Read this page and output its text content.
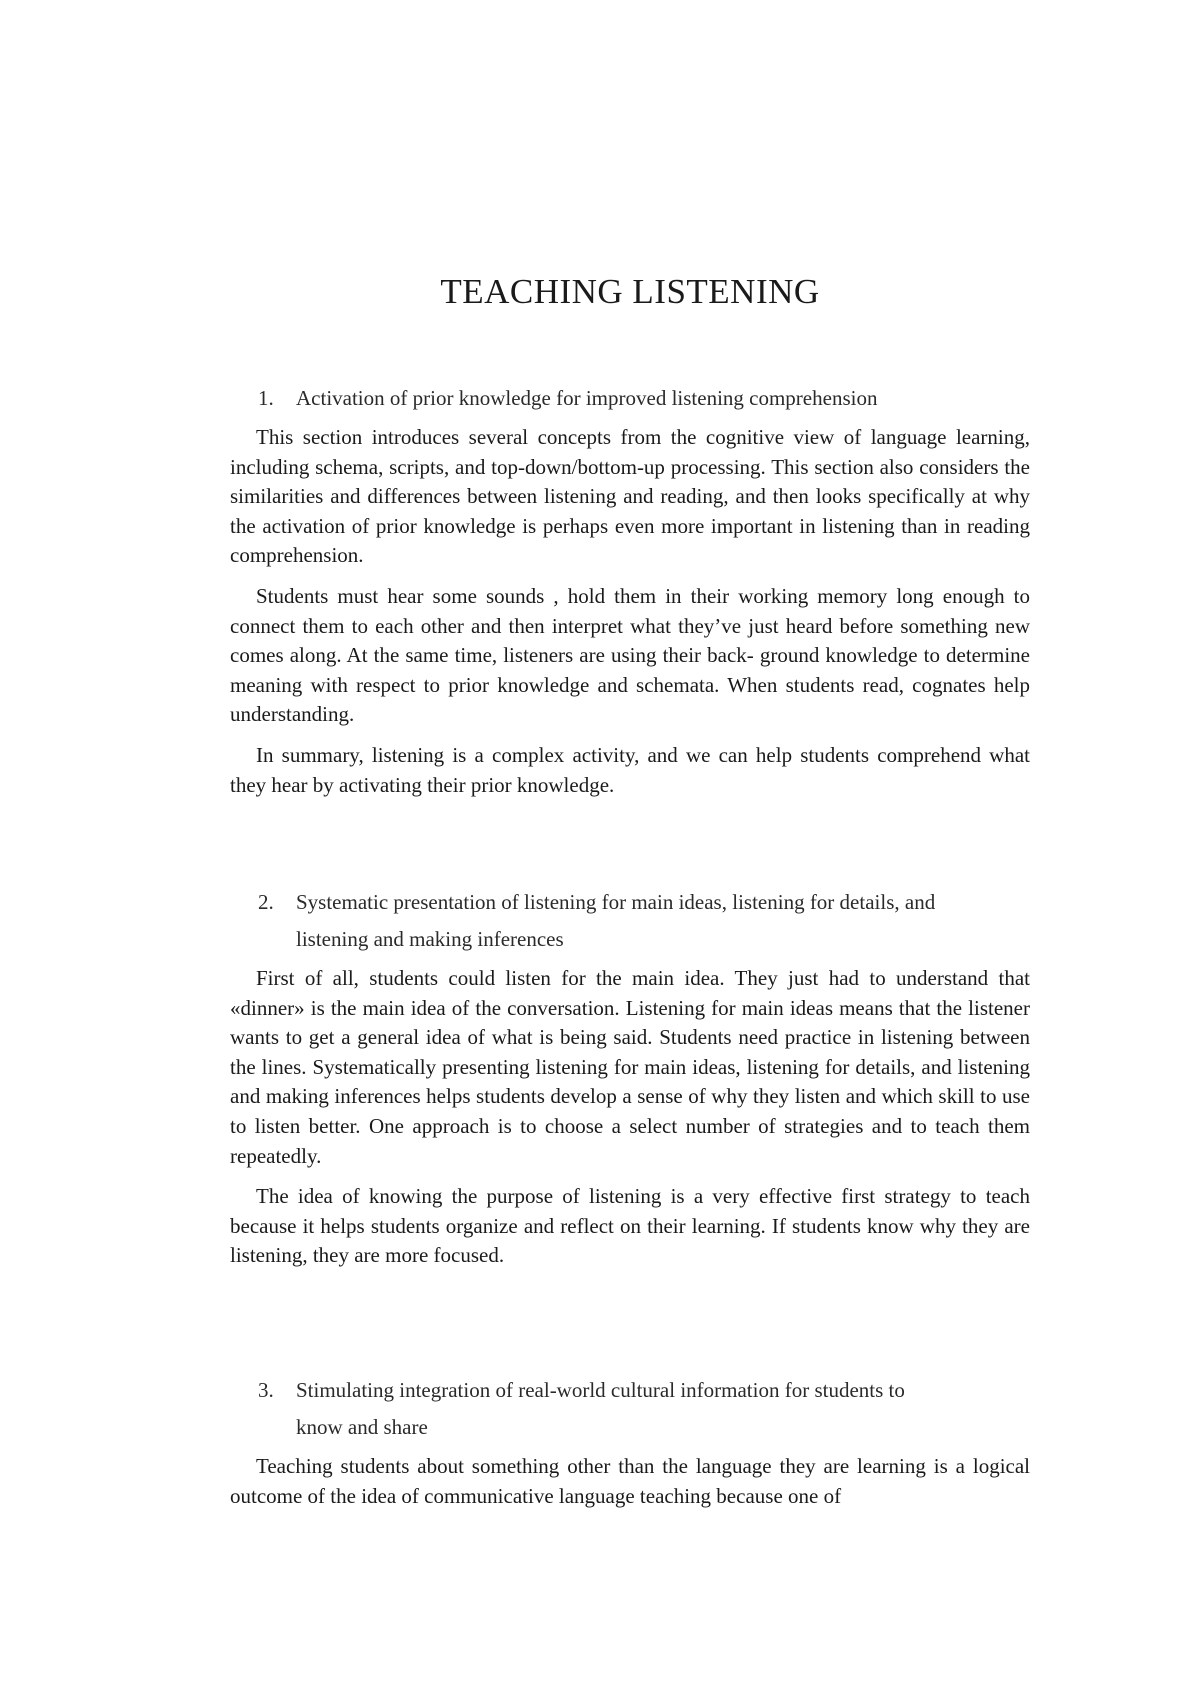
TEACHING LISTENING
1.	Activation of prior knowledge for improved listening comprehension

This section introduces several concepts from the cognitive view of language learning, including schema, scripts, and top-down/bottom-up processing. This section also considers the similarities and differences between listening and reading, and then looks specifically at why the activation of prior knowledge is perhaps even more important in listening than in reading comprehension.

Students must hear some sounds , hold them in their working memory long enough to connect them to each other and then interpret what they’ve just heard before something new comes along. At the same time, listeners are using their back- ground knowledge to determine meaning with respect to prior knowledge and schemata. When students read, cognates help understanding.

In summary, listening is a complex activity, and we can help students comprehend what they hear by activating their prior knowledge.

2.	Systematic presentation of listening for main ideas, listening for details, and listening and making inferences

First of all, students could listen for the main idea. They just had to understand that «dinner» is the main idea of the conversation. Listening for main ideas means that the listener wants to get a general idea of what is being said. Students need practice in listening between the lines. Systematically presenting listening for main ideas, listening for details, and listening and making inferences helps students develop a sense of why they listen and which skill to use to listen better. One approach is to choose a select number of strategies and to teach them repeatedly.

The idea of knowing the purpose of listening is a very effective first strategy to teach because it helps students organize and reflect on their learning. If students know why they are listening, they are more focused.

3.	Stimulating integration of real-world cultural information for students to know and share

Teaching students about something other than the language they are learning is a logical outcome of the idea of communicative language teaching because one of
